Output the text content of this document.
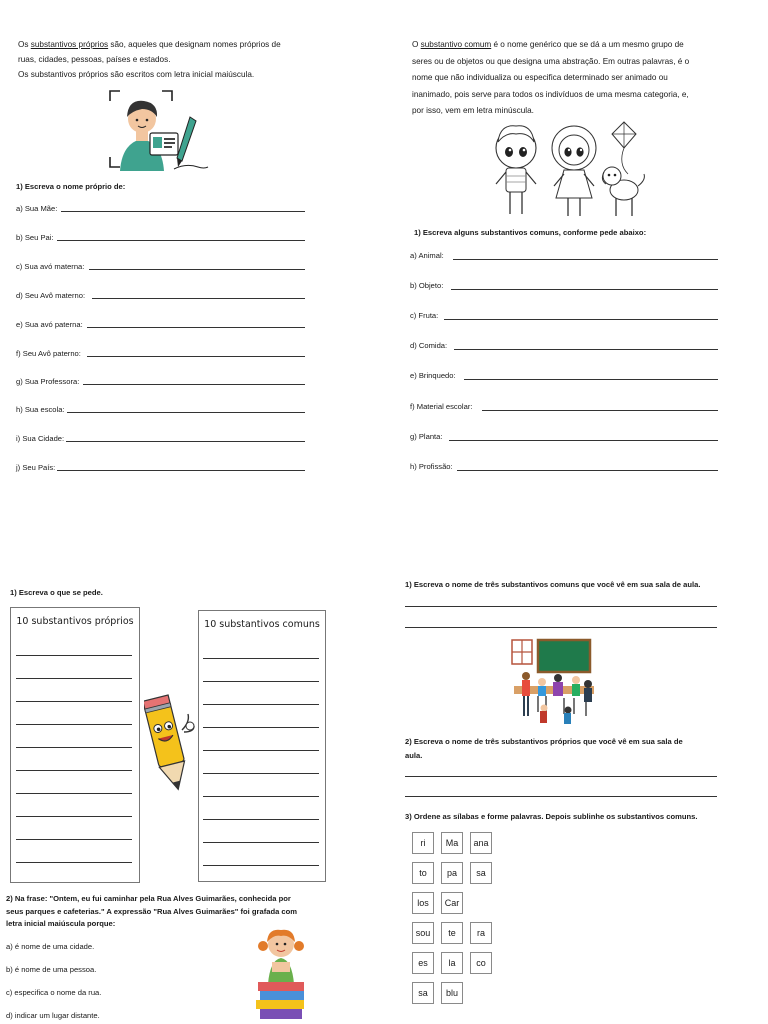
Os substantivos próprios são, aqueles que designam nomes próprios de
ruas, cidades, pessoas, países e estados.
Os substantivos próprios são escritos com letra inicial maiúscula.
1) Escreva o nome próprio de:
a) Sua Mãe:
b) Seu Pai:
c) Sua avó materna:
d) Seu Avô materno:
e) Sua avó paterna:
f) Seu Avô paterno:
g) Sua Professora:
h) Sua escola:
i) Sua Cidade:
j) Seu País:
O substantivo comum é o nome genérico que se dá a um mesmo grupo de
seres ou de objetos ou que designa uma abstração. Em outras palavras, é o
nome que não individualiza ou especifica determinado ser animado ou
inanimado, pois serve para todos os indivíduos de uma mesma categoria, e,
por isso, vem em letra minúscula.
1) Escreva alguns substantivos comuns, conforme pede abaixo:
a) Animal:
b) Objeto:
c) Fruta:
d) Comida:
e) Brinquedo:
f) Material escolar:
g) Planta:
h) Profissão:
1) Escreva o que se pede.
10 substantivos próprios	10 substantivos comuns
2) Na frase: "Ontem, eu fui caminhar pela Rua Alves Guimarães, conhecida por
seus parques e cafeterias." A expressão "Rua Alves Guimarães" foi grafada com
letra inicial maiúscula porque:
a) é nome de uma cidade.
b) é nome de uma pessoa.
c) especifica o nome da rua.
d) indicar um lugar distante.
1) Escreva o nome de três substantivos comuns que você vê em sua sala de aula.
2) Escreva o nome de três substantivos próprios que você vê em sua sala de
aula.
3) Ordene as sílabas e forme palavras. Depois sublinhe os substantivos comuns.
ri	Ma	ana
to	pa	sa
los	Car
sou	te	ra
es	la	co
sa	blu
